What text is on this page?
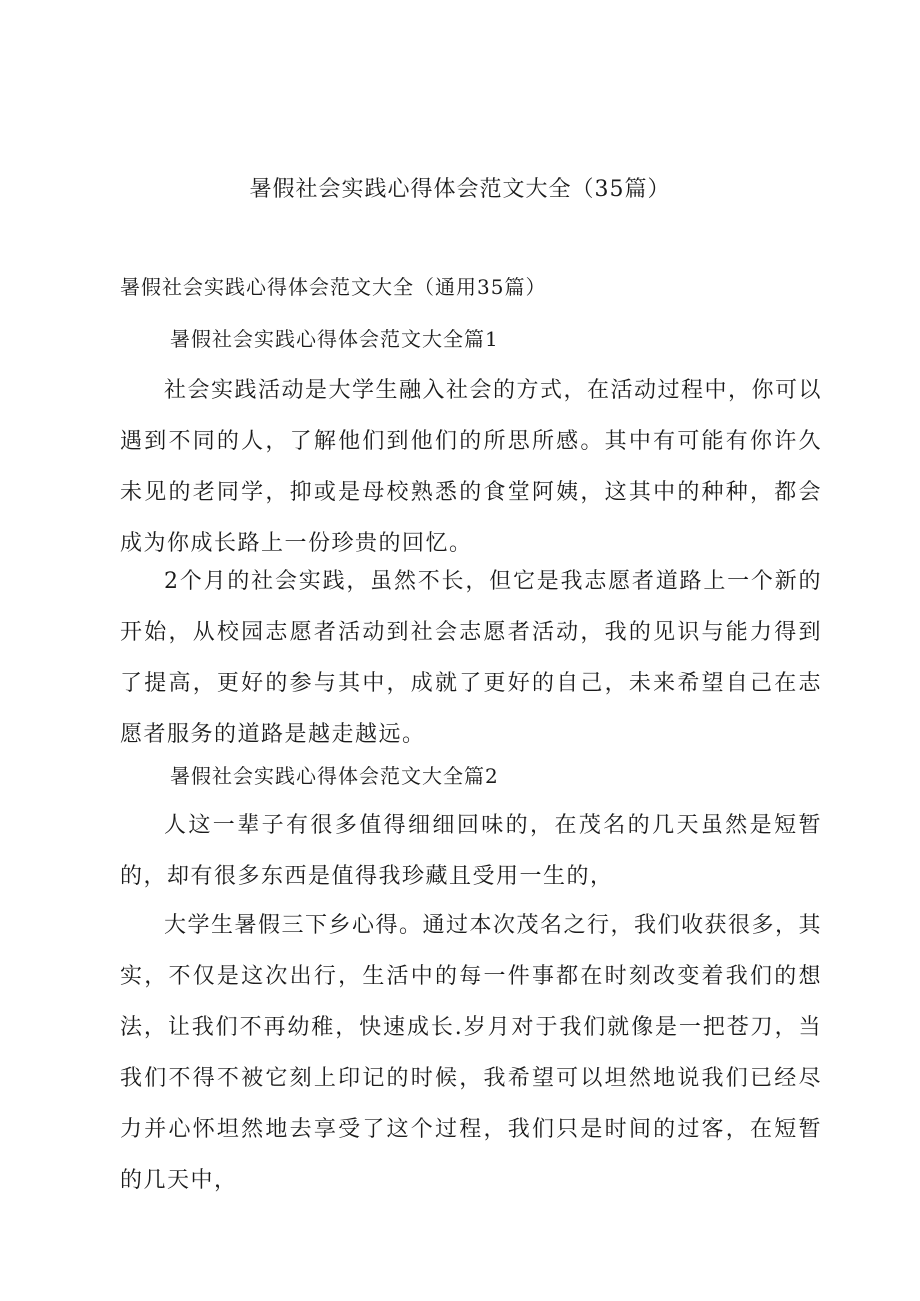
暑假社会实践心得体会范文大全（35篇）

暑假社会实践心得体会范文大全（通用35篇）

暑假社会实践心得体会范文大全篇1

社会实践活动是大学生融入社会的方式，在活动过程中，你可以遇到不同的人，了解他们到他们的所思所感。其中有可能有你许久未见的老同学，抑或是母校熟悉的食堂阿姨，这其中的种种，都会成为你成长路上一份珍贵的回忆。

2个月的社会实践，虽然不长，但它是我志愿者道路上一个新的开始，从校园志愿者活动到社会志愿者活动，我的见识与能力得到了提高，更好的参与其中，成就了更好的自己，未来希望自己在志愿者服务的道路是越走越远。

暑假社会实践心得体会范文大全篇2

人这一辈子有很多值得细细回味的，在茂名的几天虽然是短暂的，却有很多东西是值得我珍藏且受用一生的，

大学生暑假三下乡心得。通过本次茂名之行，我们收获很多，其实，不仅是这次出行，生活中的每一件事都在时刻改变着我们的想法，让我们不再幼稚，快速成长.岁月对于我们就像是一把苍刀，当我们不得不被它刻上印记的时候，我希望可以坦然地说我们已经尽力并心怀坦然地去享受了这个过程，我们只是时间的过客，在短暂的几天中，
